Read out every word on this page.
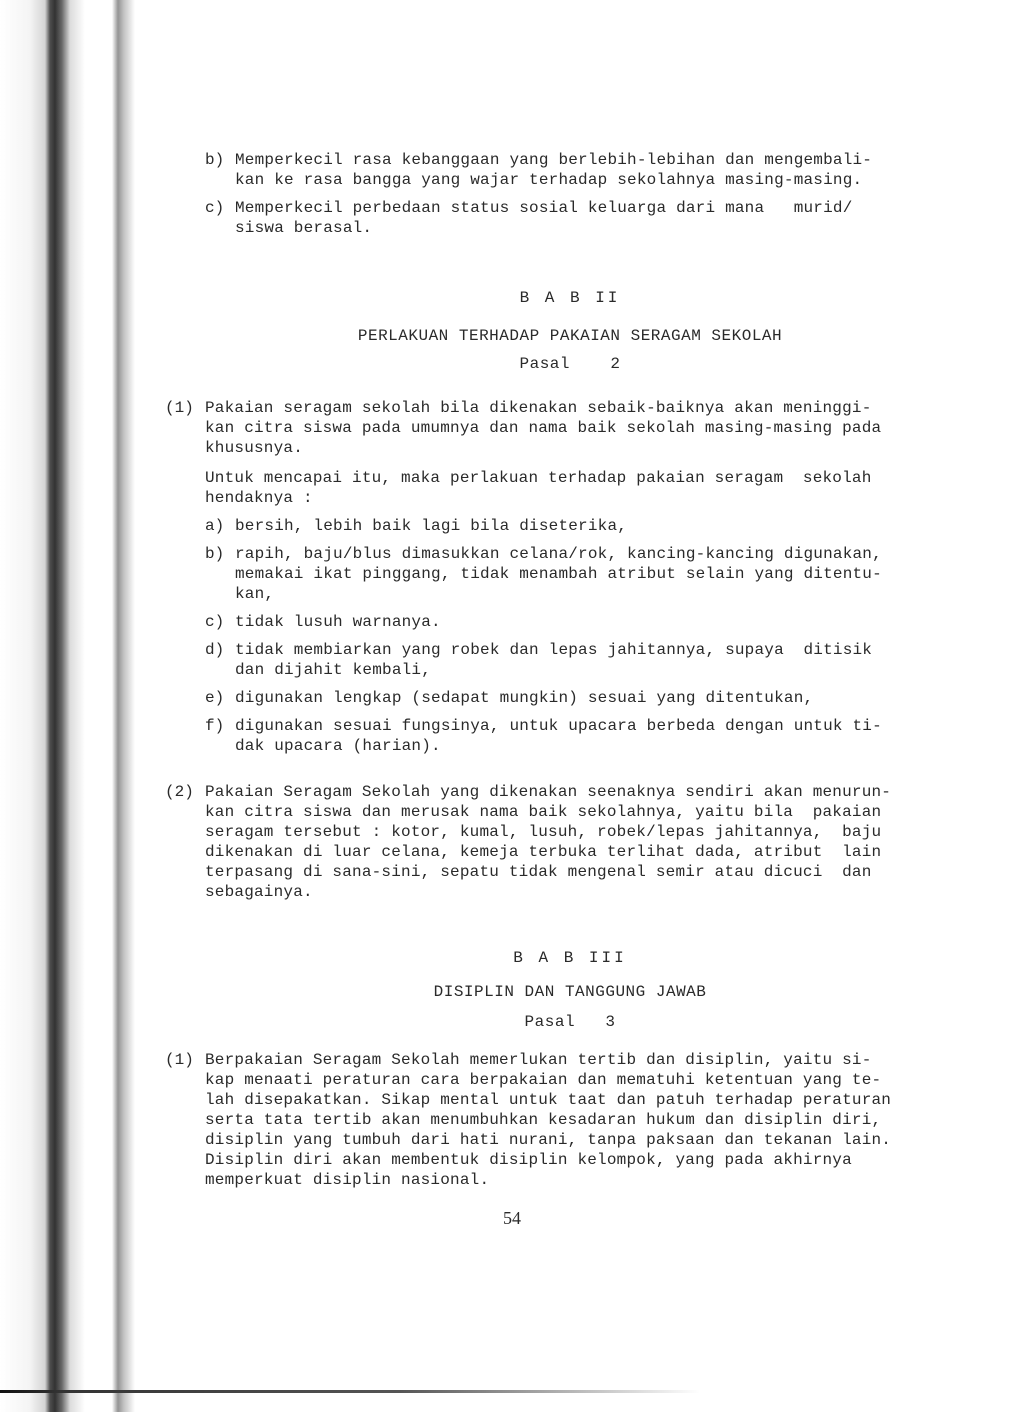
b) Memperkecil rasa kebanggaan yang berlebih-lebihan dan mengembali-
kan ke rasa bangga yang wajar terhadap sekolahnya masing-masing.
c) Memperkecil perbedaan status sosial keluarga dari mana   murid/
siswa berasal.
B A B II
PERLAKUAN TERHADAP PAKAIAN SERAGAM SEKOLAH
Pasal    2
(1) Pakaian seragam sekolah bila dikenakan sebaik-baiknya akan meninggi-
kan citra siswa pada umumnya dan nama baik sekolah masing-masing pada
khususnya.
Untuk mencapai itu, maka perlakuan terhadap pakaian seragam  sekolah
hendaknya :
a) bersih, lebih baik lagi bila diseterika,
b) rapih, baju/blus dimasukkan celana/rok, kancing-kancing digunakan,
memakai ikat pinggang, tidak menambah atribut selain yang ditentu-
kan,
c) tidak lusuh warnanya.
d) tidak membiarkan yang robek dan lepas jahitannya, supaya  ditisik
dan dijahit kembali,
e) digunakan lengkap (sedapat mungkin) sesuai yang ditentukan,
f) digunakan sesuai fungsinya, untuk upacara berbeda dengan untuk ti-
dak upacara (harian).
(2) Pakaian Seragam Sekolah yang dikenakan seenaknya sendiri akan menurun-
kan citra siswa dan merusak nama baik sekolahnya, yaitu bila  pakaian
seragam tersebut : kotor, kumal, lusuh, robek/lepas jahitannya,  baju
dikenakan di luar celana, kemeja terbuka terlihat dada, atribut  lain
terpasang di sana-sini, sepatu tidak mengenal semir atau dicuci  dan
sebagainya.
B A B III
DISIPLIN DAN TANGGUNG JAWAB
Pasal   3
(1) Berpakaian Seragam Sekolah memerlukan tertib dan disiplin, yaitu si-
kap menaati peraturan cara berpakaian dan mematuhi ketentuan yang te-
lah disepakatkan. Sikap mental untuk taat dan patuh terhadap peraturan
serta tata tertib akan menumbuhkan kesadaran hukum dan disiplin diri,
disiplin yang tumbuh dari hati nurani, tanpa paksaan dan tekanan lain.
Disiplin diri akan membentuk disiplin kelompok, yang pada akhirnya
memperkuat disiplin nasional.
54
